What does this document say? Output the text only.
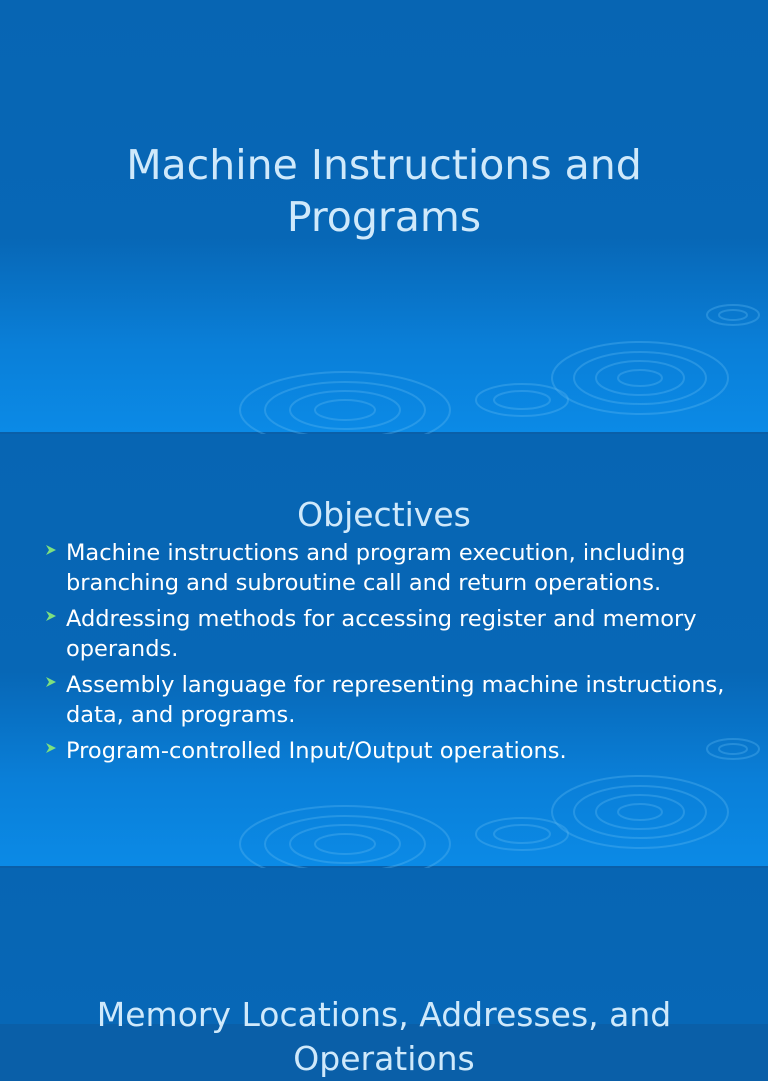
Machine Instructions and Programs
Objectives
Machine instructions and program execution, including branching and subroutine call and return operations.
Addressing methods for accessing register and memory operands.
Assembly language for representing machine instructions, data, and programs.
Program-controlled Input/Output operations.
Memory Locations, Addresses, and Operations
